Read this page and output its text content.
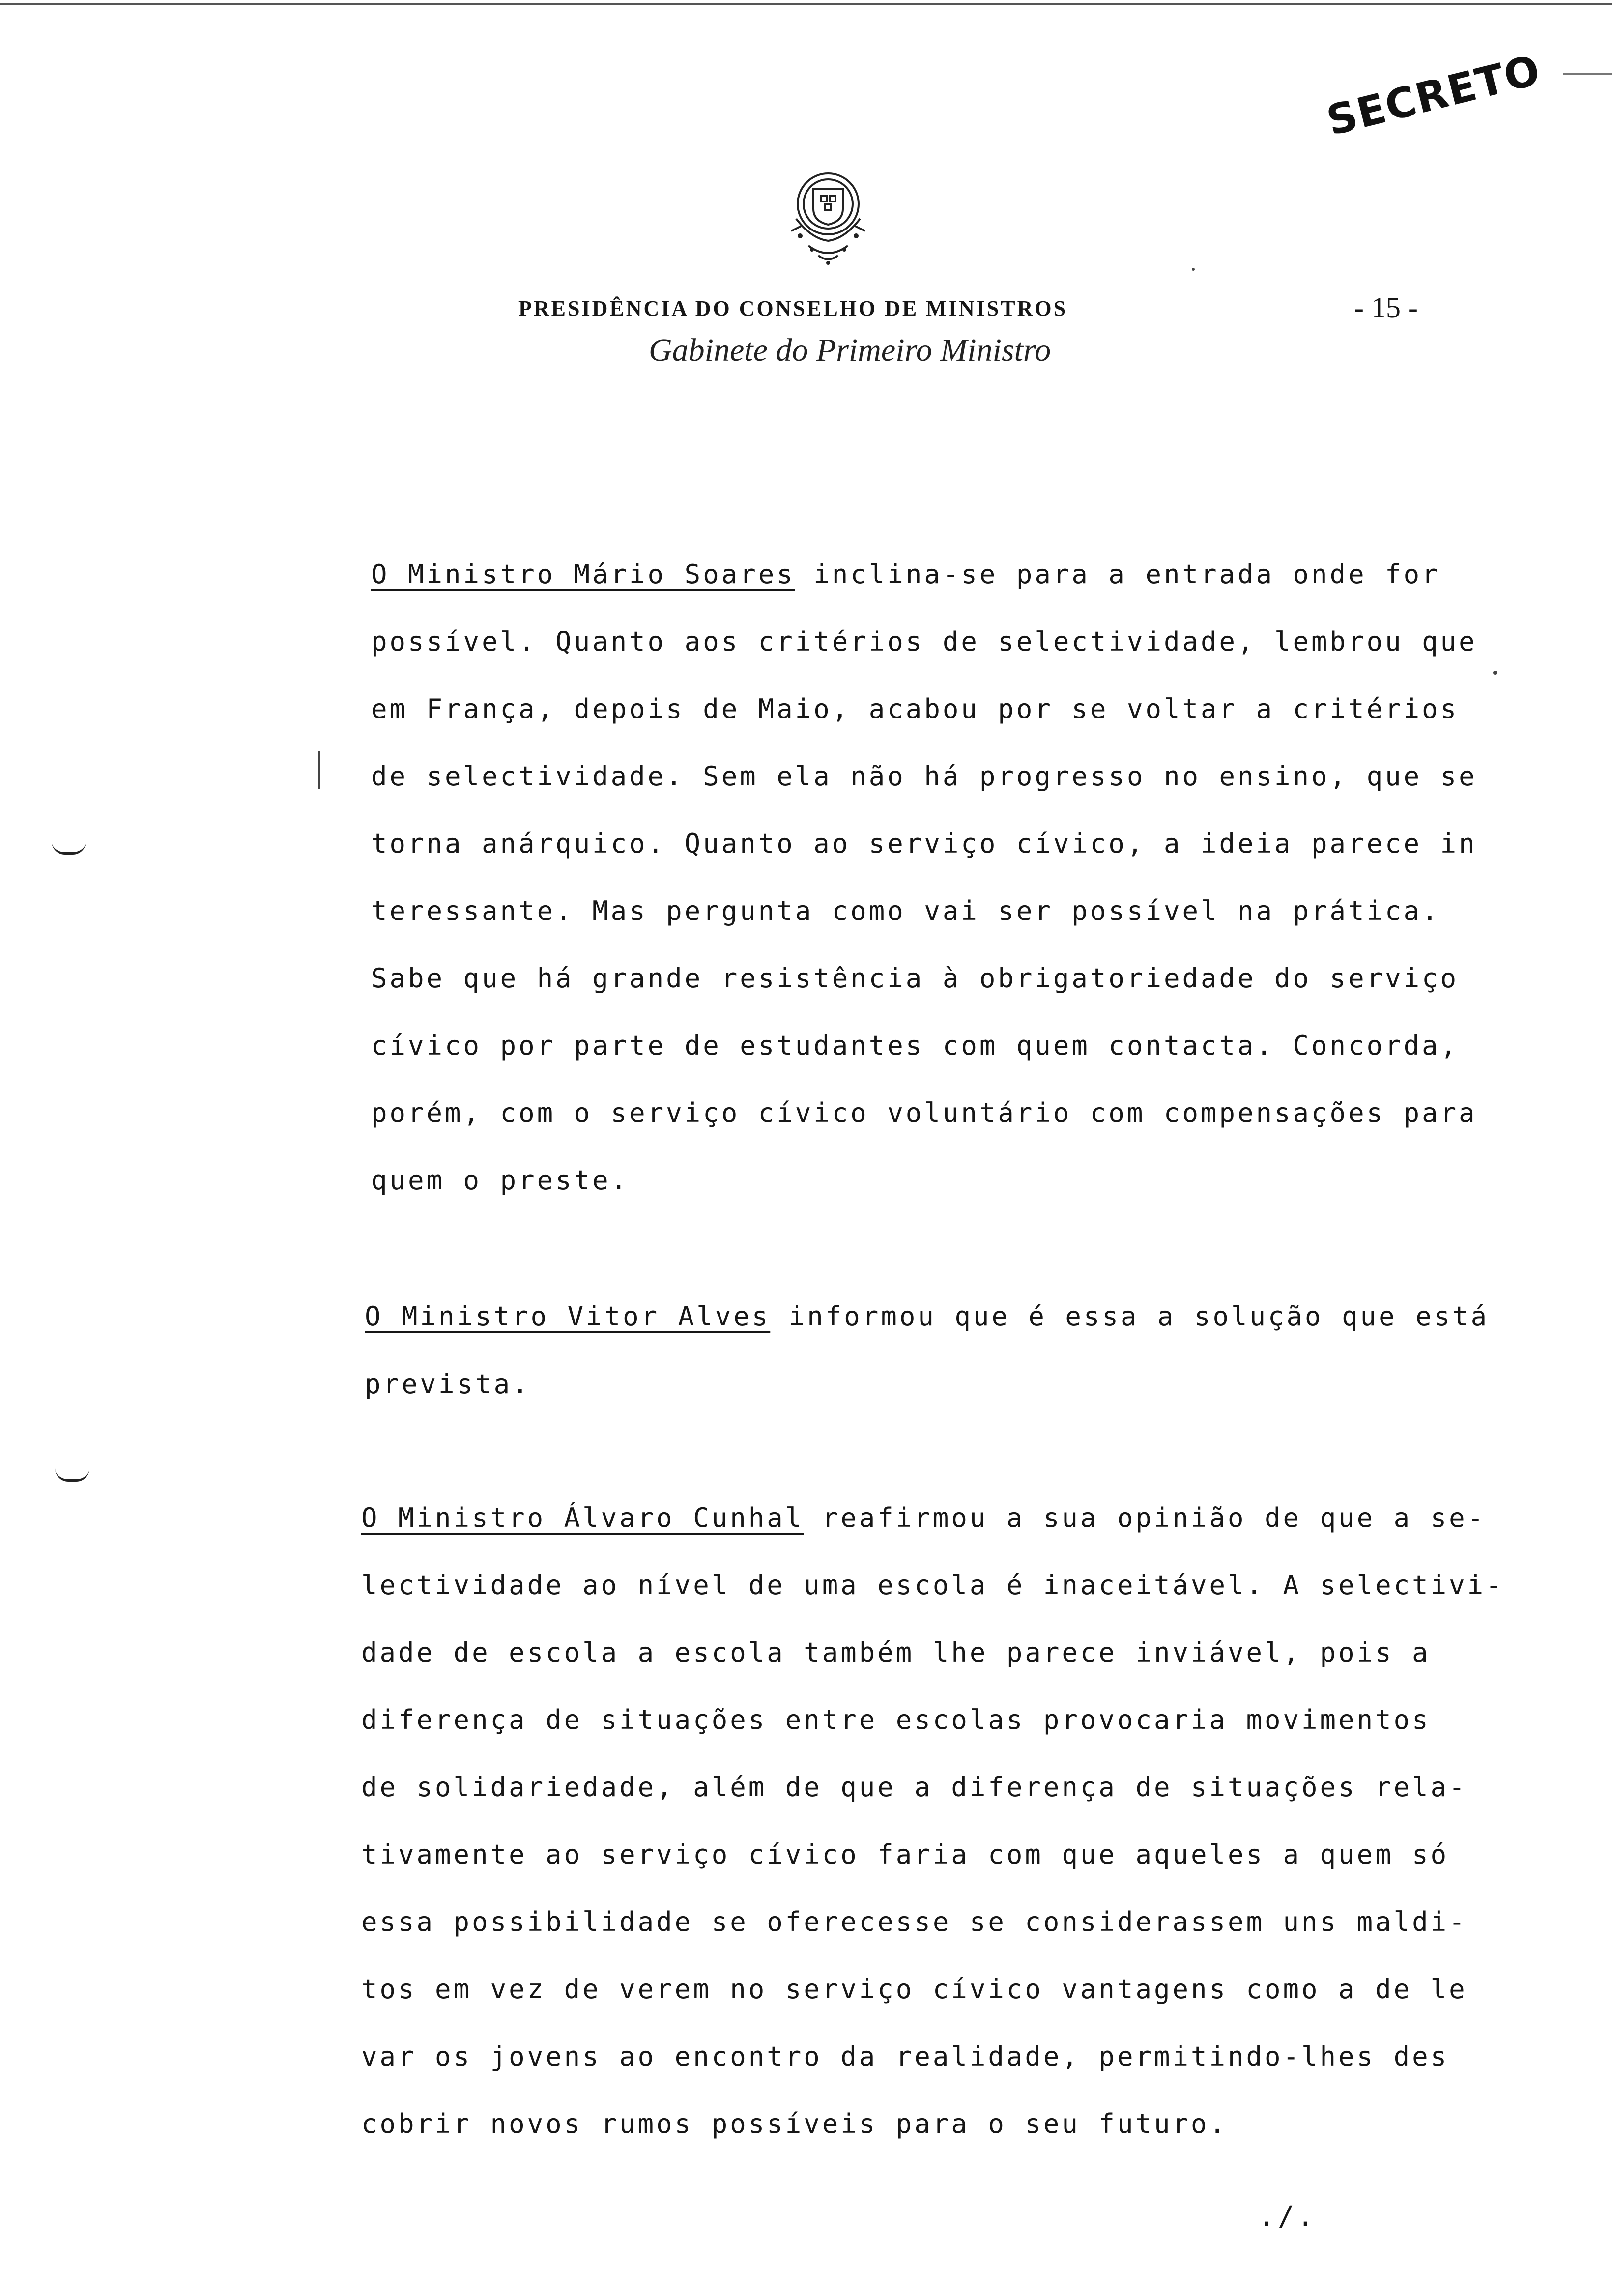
SECRETO
PRESIDÊNCIA DO CONSELHO DE MINISTROS
Gabinete do Primeiro Ministro
- 15 -
O Ministro Mário Soares inclina-se para a entrada onde for
possível. Quanto aos critérios de selectividade, lembrou que
em França, depois de Maio, acabou por se voltar a critérios
de selectividade. Sem ela não há progresso no ensino, que se
torna anárquico. Quanto ao serviço cívico, a ideia parece in
teressante. Mas pergunta como vai ser possível na prática.
Sabe que há grande resistência à obrigatoriedade do serviço
cívico por parte de estudantes com quem contacta. Concorda,
porém, com o serviço cívico voluntário com compensações para
quem o preste.
O Ministro Vitor Alves informou que é essa a solução que está
prevista.
O Ministro Álvaro Cunhal reafirmou a sua opinião de que a se-
lectividade ao nível de uma escola é inaceitável. A selectivi-
dade de escola a escola também lhe parece inviável, pois a
diferença de situações entre escolas provocaria movimentos
de solidariedade, além de que a diferença de situações rela-
tivamente ao serviço cívico faria com que aqueles a quem só
essa possibilidade se oferecesse se considerassem uns maldi-
tos em vez de verem no serviço cívico vantagens como a de le
var os jovens ao encontro da realidade, permitindo-lhes des
cobrir novos rumos possíveis para o seu futuro.
./.
